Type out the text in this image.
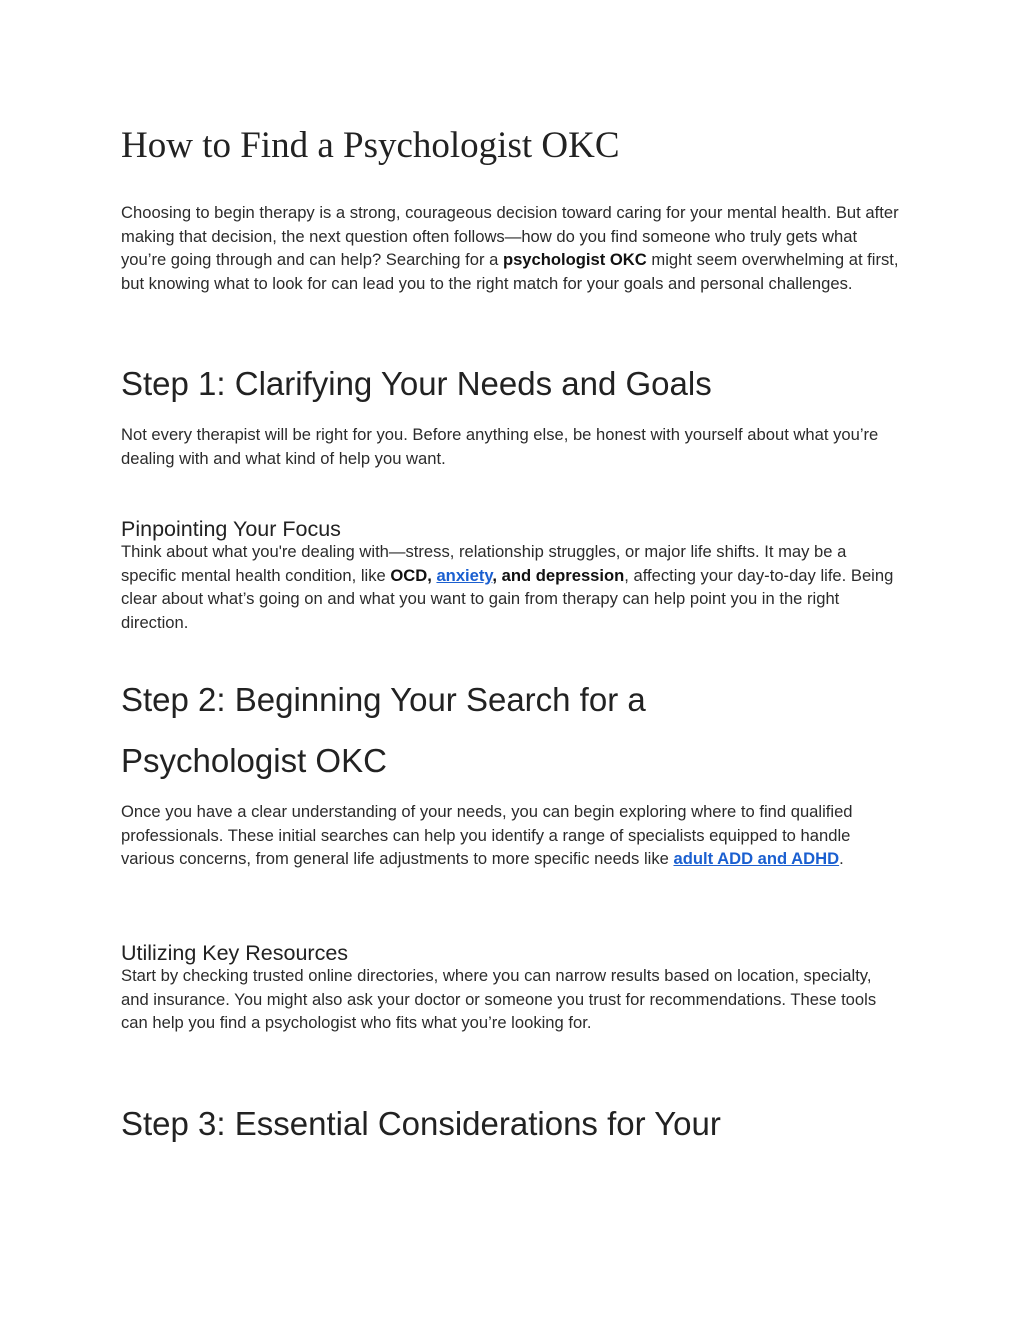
How to Find a Psychologist OKC

Choosing to begin therapy is a strong, courageous decision toward caring for your mental health. But after making that decision, the next question often follows—how do you find someone who truly gets what you’re going through and can help? Searching for a psychologist OKC might seem overwhelming at first, but knowing what to look for can lead you to the right match for your goals and personal challenges.

Step 1: Clarifying Your Needs and Goals

Not every therapist will be right for you. Before anything else, be honest with yourself about what you’re dealing with and what kind of help you want.

Pinpointing Your Focus

Think about what you're dealing with—stress, relationship struggles, or major life shifts. It may be a specific mental health condition, like OCD, anxiety, and depression, affecting your day-to-day life. Being clear about what’s going on and what you want to gain from therapy can help point you in the right direction.

Step 2: Beginning Your Search for a
Psychologist OKC

Once you have a clear understanding of your needs, you can begin exploring where to find qualified professionals. These initial searches can help you identify a range of specialists equipped to handle various concerns, from general life adjustments to more specific needs like adult ADD and ADHD.

Utilizing Key Resources

Start by checking trusted online directories, where you can narrow results based on location, specialty, and insurance. You might also ask your doctor or someone you trust for recommendations. These tools can help you find a psychologist who fits what you’re looking for.

Step 3: Essential Considerations for Your
